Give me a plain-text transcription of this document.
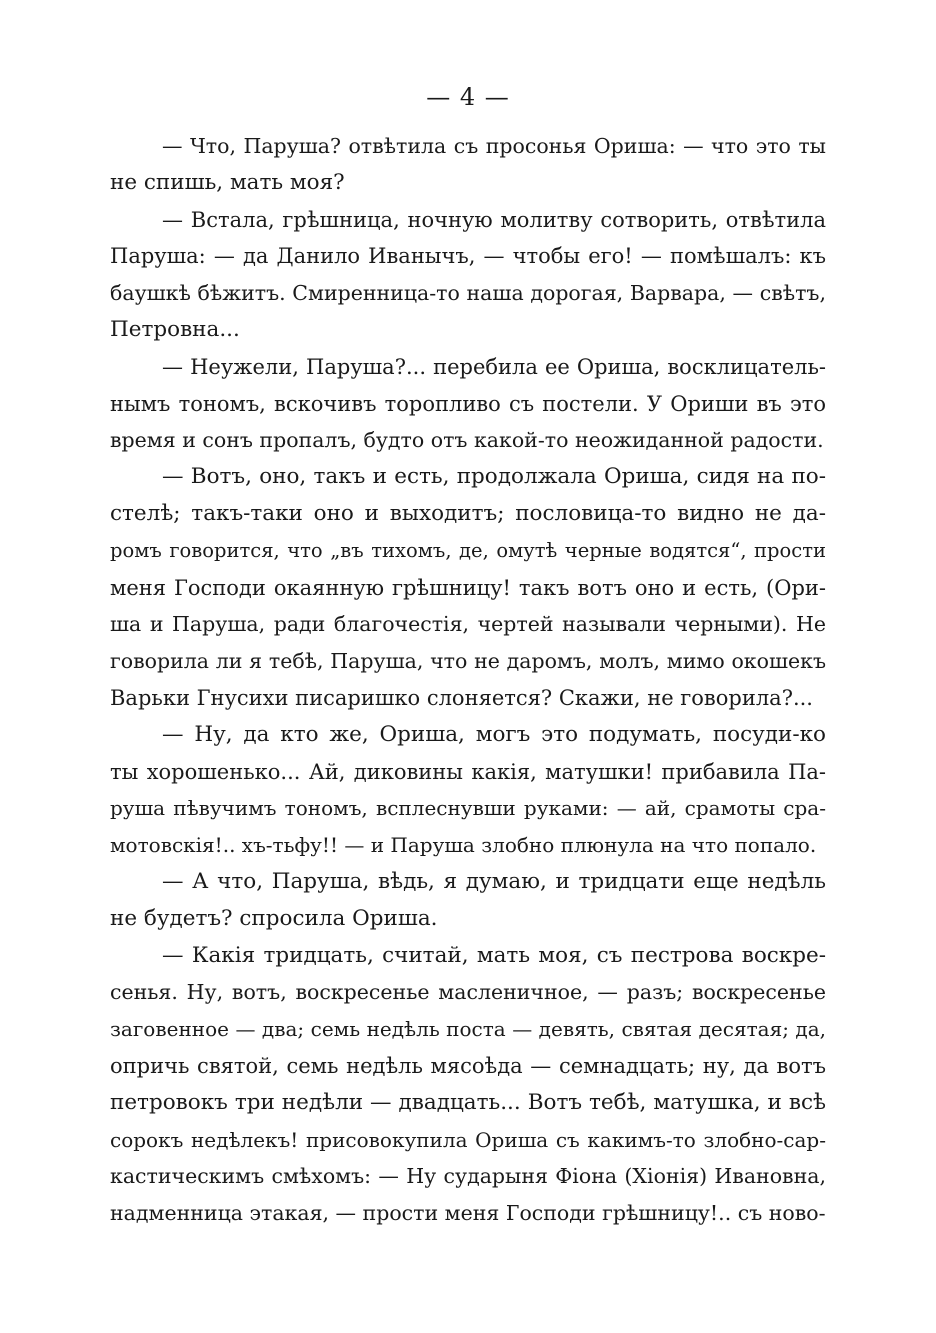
— 4 —
— Что, Паруша? отвѣтила съ просонья Ориша: — что это ты
не спишь, мать моя?
— Встала, грѣшница, ночную молитву сотворить, отвѣтила
Паруша: — да Данило Иванычъ, — чтобы его! — помѣшалъ: къ
баушкѣ бѣжитъ. Смиренница-то наша дорогая, Варвара, — свѣтъ,
Петровна...
— Неужели, Паруша?... перебила ее Ориша, восклицатель-
нымъ тономъ, вскочивъ торопливо съ постели. У Ориши въ это
время и сонъ пропалъ, будто отъ какой-то неожиданной радости.
— Вотъ, оно, такъ и есть, продолжала Ориша, сидя на по-
стелѣ; такъ-таки оно и выходитъ; пословица-то видно не да-
ромъ говорится, что „въ тихомъ, де, омутѣ черные водятся“, прости
меня Господи окаянную грѣшницу! такъ вотъ оно и есть, (Ори-
ша и Паруша, ради благочестія, чертей называли черными). Не
говорила ли я тебѣ, Паруша, что не даромъ, молъ, мимо окошекъ
Варьки Гнусихи писаришко слоняется? Скажи, не говорила?...
— Ну, да кто же, Ориша, могъ это подумать, посуди-ко
ты хорошенько... Ай, диковины какія, матушки! прибавила Па-
руша пѣвучимъ тономъ, всплеснувши руками: — ай, срамоты сра-
мотовскія!.. хъ-тьфу!! — и Паруша злобно плюнула на что попало.
— А что, Паруша, вѣдь, я думаю, и тридцати еще недѣль
не будетъ? спросила Ориша.
— Какія тридцать, считай, мать моя, съ пестрова воскре-
сенья. Ну, вотъ, воскресенье масленичное, — разъ; воскресенье
заговенное — два; семь недѣль поста — девять, святая десятая; да,
опричь святой, семь недѣль мясоѣда — семнадцать; ну, да вотъ
петровокъ три недѣли — двадцать... Вотъ тебѣ, матушка, и всѣ
сорокъ недѣлекъ! присовокупила Ориша съ какимъ-то злобно-сар-
кастическимъ смѣхомъ: — Ну сударыня Фіона (Хіонія) Ивановна,
надменница этакая, — прости меня Господи грѣшницу!.. съ ново-
